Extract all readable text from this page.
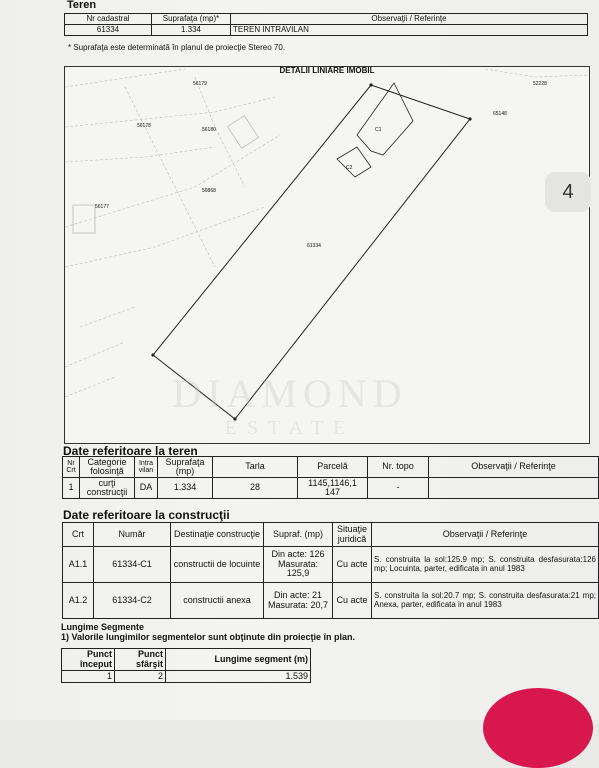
Teren
Nr cadastral	Suprafaţa (mp)*	Observaţii / Referinţe
61334	1.334	TEREN INTRAVILAN
* Suprafaţa este determinată în planul de proiecţie Stereo 70.
DETALII LINIARE IMOBIL
56179
56178
56180
59868
56177
61334
C1
C2
52228
65148
DIAMOND
ESTATE
4
Date referitoare la teren
Nr Crt	Categorie folosinţă	Intra vilan	Suprafaţa (mp)	Tarla	Parcelă	Nr. topo	Observaţii / Referinţe
1	curţi construcţii	DA	1.334	28	1145,1146,1 147	-	
Date referitoare la construcţii
Crt	Număr	Destinaţie construcţie	Supraf. (mp)	Situaţie juridică	Observaţii / Referinţe
A1.1	61334-C1	constructii de locuinte	Din acte: 126 Masurata: 125,9	Cu acte	S. construita la sol:125.9 mp; S. construita desfasurata:126 mp; Locuinta, parter, edificata in anul 1983
A1.2	61334-C2	constructii anexa	Din acte: 21 Masurata: 20,7	Cu acte	S. construita la sol:20.7 mp; S. construita desfasurata:21 mp; Anexa, parter, edificata in anul 1983
Lungime Segmente
1) Valorile lungimilor segmentelor sunt obţinute din proiecţie în plan.
Punct început	Punct sfârşit	Lungime segment (m)
1	2	1.539
